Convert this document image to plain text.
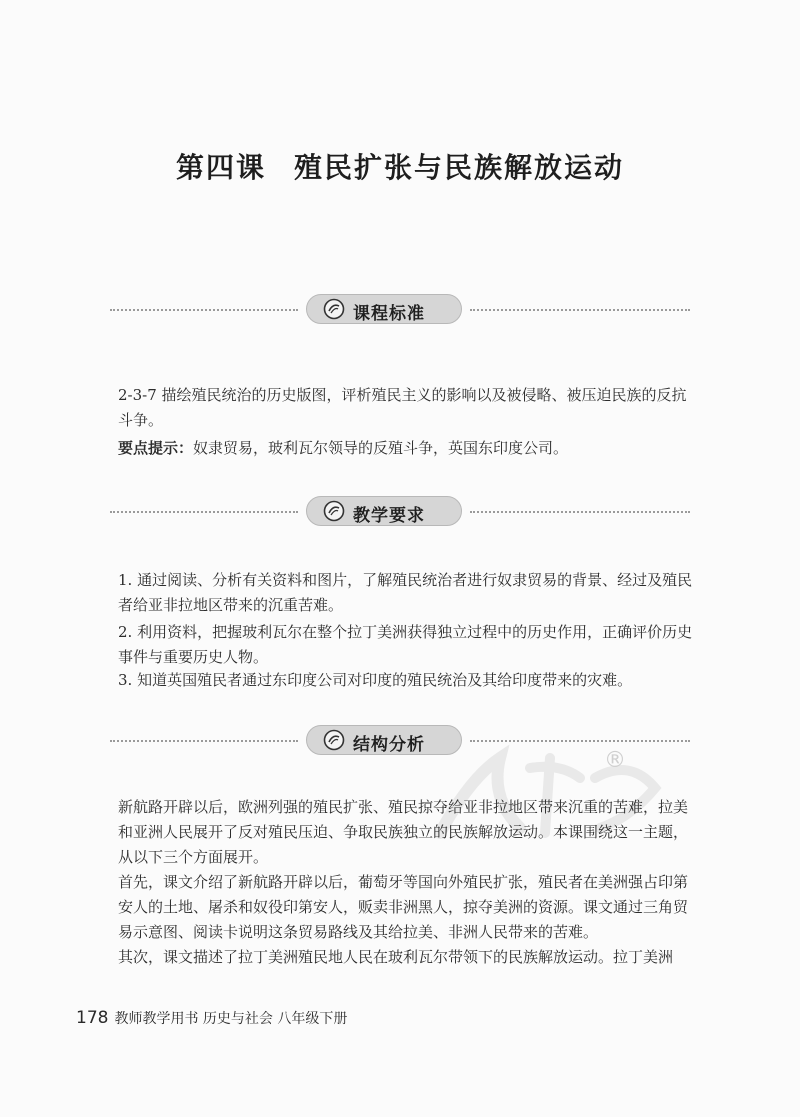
第四课 殖民扩张与民族解放运动
课程标准
2-3-7 描绘殖民统治的历史版图，评析殖民主义的影响以及被侵略、被压迫民族的反抗斗争。
要点提示：奴隶贸易，玻利瓦尔领导的反殖斗争，英国东印度公司。
教学要求
1. 通过阅读、分析有关资料和图片，了解殖民统治者进行奴隶贸易的背景、经过及殖民者给亚非拉地区带来的沉重苦难。
2. 利用资料，把握玻利瓦尔在整个拉丁美洲获得独立过程中的历史作用，正确评价历史事件与重要历史人物。
3. 知道英国殖民者通过东印度公司对印度的殖民统治及其给印度带来的灾难。
结构分析
®
新航路开辟以后，欧洲列强的殖民扩张、殖民掠夺给亚非拉地区带来沉重的苦难，拉美和亚洲人民展开了反对殖民压迫、争取民族独立的民族解放运动。本课围绕这一主题，从以下三个方面展开。
首先，课文介绍了新航路开辟以后，葡萄牙等国向外殖民扩张，殖民者在美洲强占印第安人的土地、屠杀和奴役印第安人，贩卖非洲黑人，掠夺美洲的资源。课文通过三角贸易示意图、阅读卡说明这条贸易路线及其给拉美、非洲人民带来的苦难。
其次，课文描述了拉丁美洲殖民地人民在玻利瓦尔带领下的民族解放运动。拉丁美洲
178 教师教学用书 历史与社会 八年级下册
